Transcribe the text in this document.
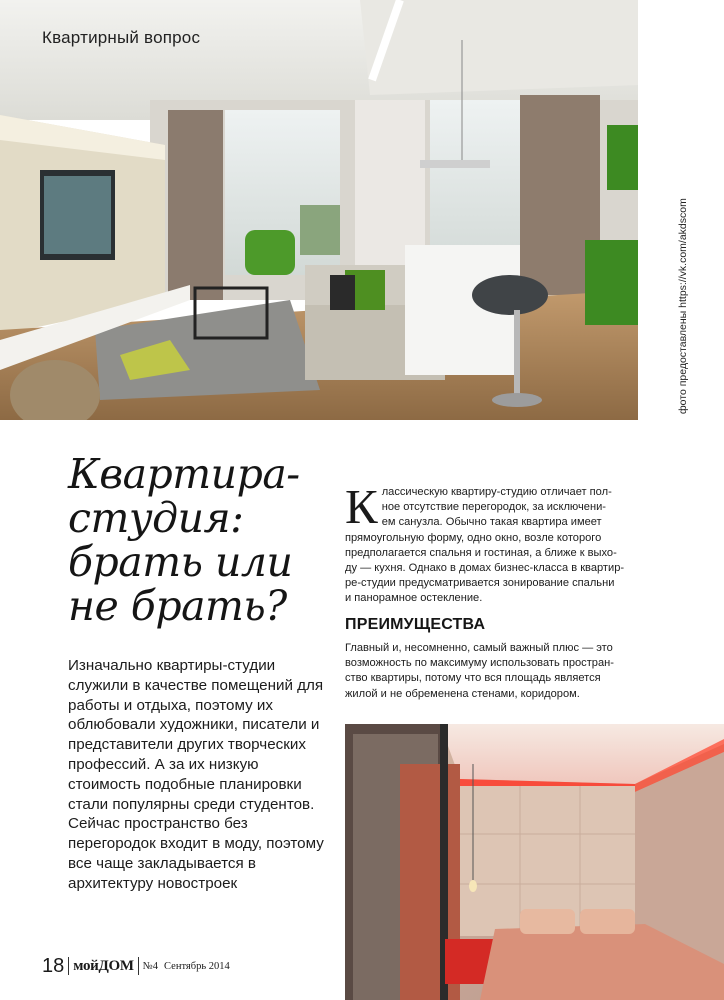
Квартирный вопрос
фото предоставлены https://vk.com/akdscom
Квартира-
студия:
брать или
не брать?

Изначально квартиры-студии служили в качестве помещений для работы и отдыха, поэтому их облюбовали художники, писатели и представители других творческих профессий. А за их низкую стоимость подобные планировки стали популярны среди студентов. Сейчас пространство без перегородок входит в моду, поэтому все чаще закладывается в архитектуру новостроек

К лассическую квартиру-студию отличает пол-
ное отсутствие перегородок, за исключени-
ем санузла. Обычно такая квартира имеет
прямоугольную форму, одно окно, возле которого
предполагается спальня и гостиная, а ближе к выхо-
ду — кухня. Однако в домах бизнес-класса в квартир-
ре-студии предусматривается зонирование спальни
и панорамное остекление.
ПРЕИМУЩЕСТВА
Главный и, несомненно, самый важный плюс — это
возможность по максимуму использовать простран-
ство квартиры, потому что вся площадь является
жилой и не обременена стенами, коридором.
18 мойДОМ №4 Сентябрь 2014
